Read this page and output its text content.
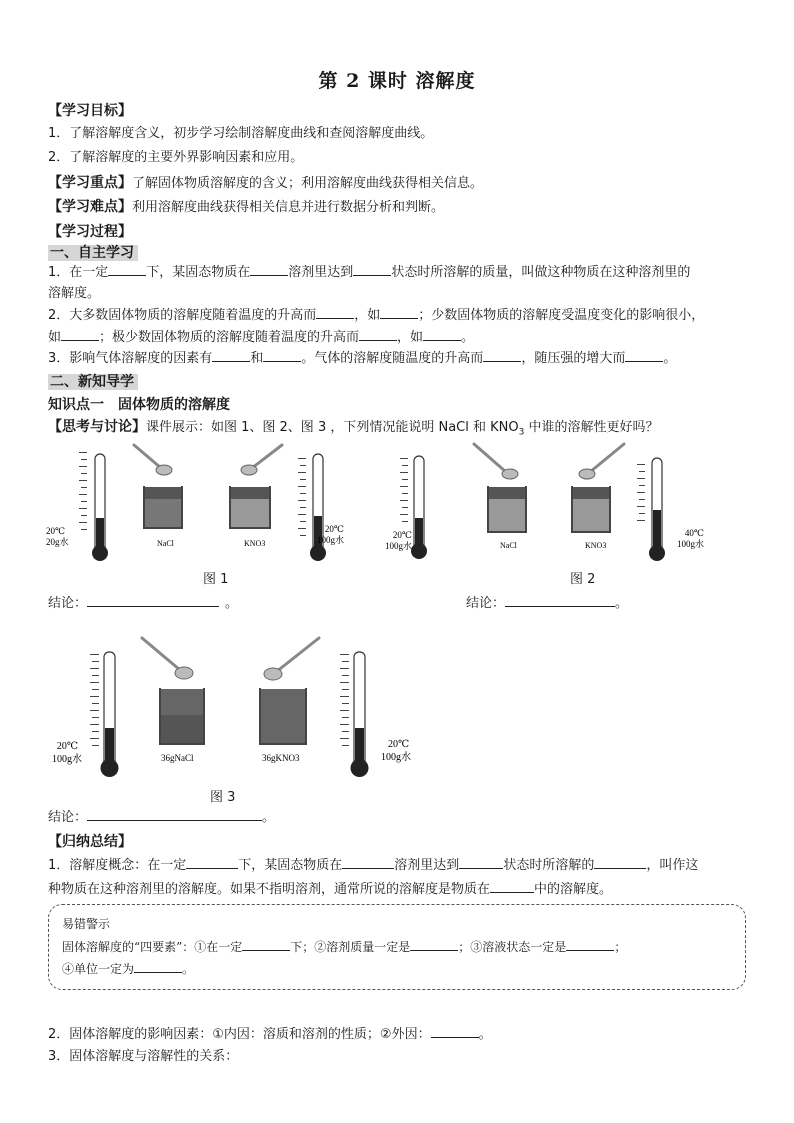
第 2 课时 溶解度
【学习目标】
1．了解溶解度含义，初步学习绘制溶解度曲线和查阅溶解度曲线。
2．了解溶解度的主要外界影响因素和应用。
【学习重点】了解固体物质溶解度的含义；利用溶解度曲线获得相关信息。
【学习难点】利用溶解度曲线获得相关信息并进行数据分析和判断。
【学习过程】
一、自主学习
1．在一定	下，某固态物质在	溶剂里达到	状态时所溶解的质量，叫做这种物质在这种溶剂里的
溶解度。
2．大多数固体物质的溶解度随着温度的升高而	，如	；少数固体物质的溶解度受温度变化的影响很小，
如	；极少数固体物质的溶解度随着温度的升高而	，如	。
3．影响气体溶解度的因素有	和	。气体的溶解度随温度的升高而	，随压强的增大而	。
二、新知导学
知识点一　固体物质的溶解度
【思考与讨论】课件展示：如图 1、图 2、图 3 ，下列情况能说明 NaCl 和 $KNO_3$ 中谁的溶解性更好吗？
20℃
20g水	NaCl	KNO3
20℃
100g水
图 1
20℃
100g水	NaCl	KNO3
40℃
100g水
图 2
结论：	。	结论：	。
20℃
100g水	36gNaCl	36gKNO3
20℃
100g水
图 3
结论：	。
【归纳总结】
1．溶解度概念：在一定	下，某固态物质在	溶剂里达到	状态时所溶解的	，叫作这
种物质在这种溶剂里的溶解度。如果不指明溶剂，通常所说的溶解度是物质在	中的溶解度。
易错警示
固体溶解度的“四要素”：①在一定	下；②溶剂质量一定是	；③溶液状态一定是	；
④单位一定为	。
2．固体溶解度的影响因素：①内因：溶质和溶剂的性质；②外因：	。
3．固体溶解度与溶解性的关系：
